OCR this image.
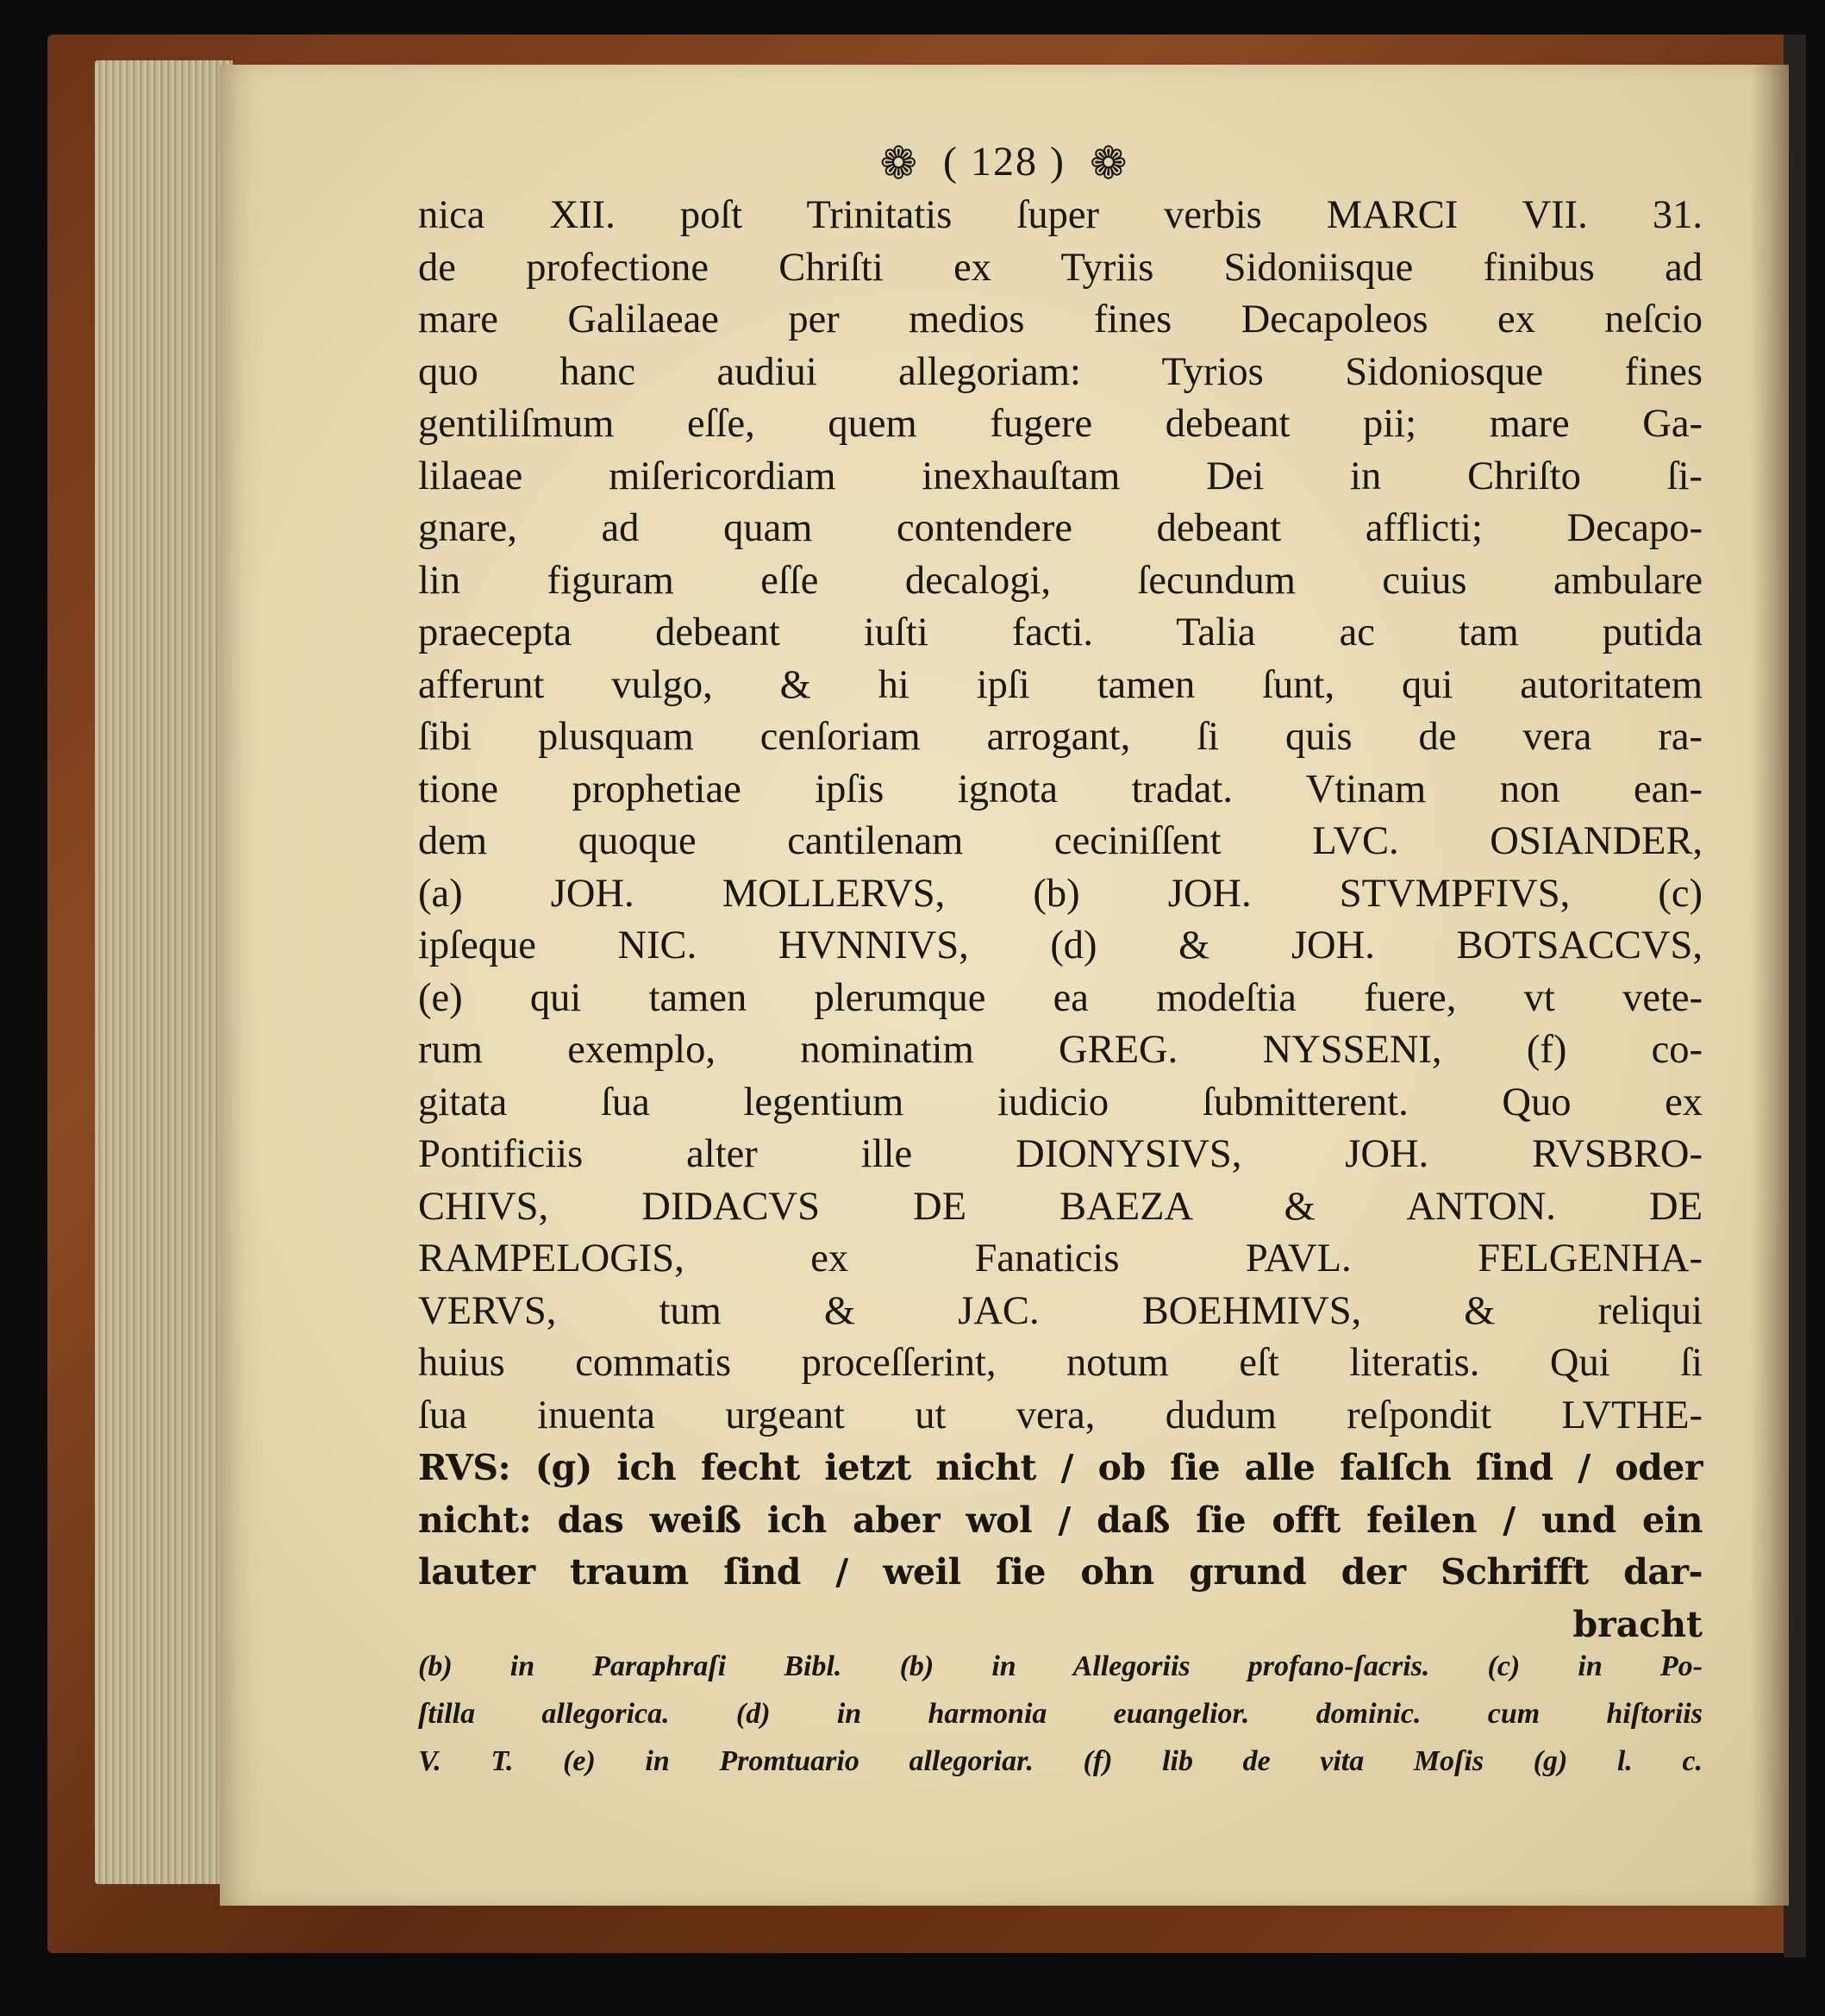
❁ ( 128 ) ❁
nica XII. poſt Trinitatis ſuper verbis MARCI VII. 31.
de profectione Chriſti ex Tyriis Sidoniisque finibus ad
mare Galilaeae per medios fines Decapoleos ex neſcio
quo hanc audiui allegoriam: Tyrios Sidoniosque fines
gentiliſmum eſſe, quem fugere debeant pii; mare Ga-
lilaeae miſericordiam inexhauſtam Dei in Chriſto ſi-
gnare, ad quam contendere debeant afflicti; Decapo-
lin figuram eſſe decalogi, ſecundum cuius ambulare
praecepta debeant iuſti facti. Talia ac tam putida
afferunt vulgo, & hi ipſi tamen ſunt, qui autoritatem
ſibi plusquam cenſoriam arrogant, ſi quis de vera ra-
tione prophetiae ipſis ignota tradat. Vtinam non ean-
dem quoque cantilenam ceciniſſent LVC. OSIANDER,
(a) JOH. MOLLERVS, (b) JOH. STVMPFIVS, (c)
ipſeque NIC. HVNNIVS, (d) & JOH. BOTSACCVS,
(e) qui tamen plerumque ea modeſtia fuere, vt vete-
rum exemplo, nominatim GREG. NYSSENI, (f) co-
gitata ſua legentium iudicio ſubmitterent. Quo ex
Pontificiis alter ille DIONYSIVS, JOH. RVSBRO-
CHIVS, DIDACVS DE BAEZA & ANTON. DE
RAMPELOGIS, ex Fanaticis PAVL. FELGENHA-
VERVS, tum & JAC. BOEHMIVS, & reliqui
huius commatis proceſſerint, notum eſt literatis. Qui ſi
ſua inuenta urgeant ut vera, dudum reſpondit LVTHE-
RVS: (g) ich fecht ietzt nicht / ob ſie alle falſch ſind / oder
nicht: das weiß ich aber wol / daß ſie offt feilen / und ein
lauter traum ſind / weil ſie ohn grund der Schrifft dar-
bracht
(b) in Paraphraſi Bibl. (b) in Allegoriis profano-ſacris. (c) in Po-
ſtilla allegorica. (d) in harmonia euangelior. dominic. cum hiſtoriis
V. T. (e) in Promtuario allegoriar. (f) lib de vita Moſis (g) l. c.
